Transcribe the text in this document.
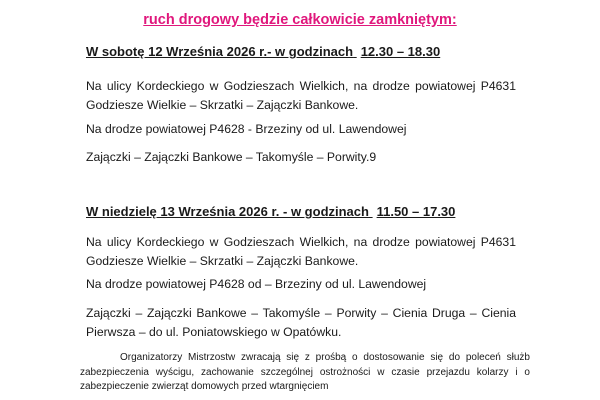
ruch drogowy będzie całkowicie zamkniętym:
W sobotę 12 Września 2026 r.- w godzinach 12.30 – 18.30
Na ulicy Kordeckiego w Godzieszach Wielkich, na drodze powiatowej P4631 Godziesze Wielkie – Skrzatki – Zajączki Bankowe.
Na drodze powiatowej P4628 - Brzeziny od ul. Lawendowej
Zajączki – Zajączki Bankowe – Takomyśle – Porwity.9
W niedzielę 13 Września 2026 r. - w godzinach 11.50 – 17.30
Na ulicy Kordeckiego w Godzieszach Wielkich, na drodze powiatowej P4631 Godziesze Wielkie – Skrzatki – Zajączki Bankowe.
Na drodze powiatowej P4628 od – Brzeziny od ul. Lawendowej
Zajączki – Zajączki Bankowe – Takomyśle – Porwity – Cienia Druga – Cienia Pierwsza – do ul. Poniatowskiego w Opatówku.
Organizatorzy Mistrzostw zwracają się z prośbą o dostosowanie się do poleceń służb zabezpieczenia wyścigu, zachowanie szczególnej ostrożności w czasie przejazdu kolarzy i o zabezpieczenie zwierząt domowych przed wtargnięciem
